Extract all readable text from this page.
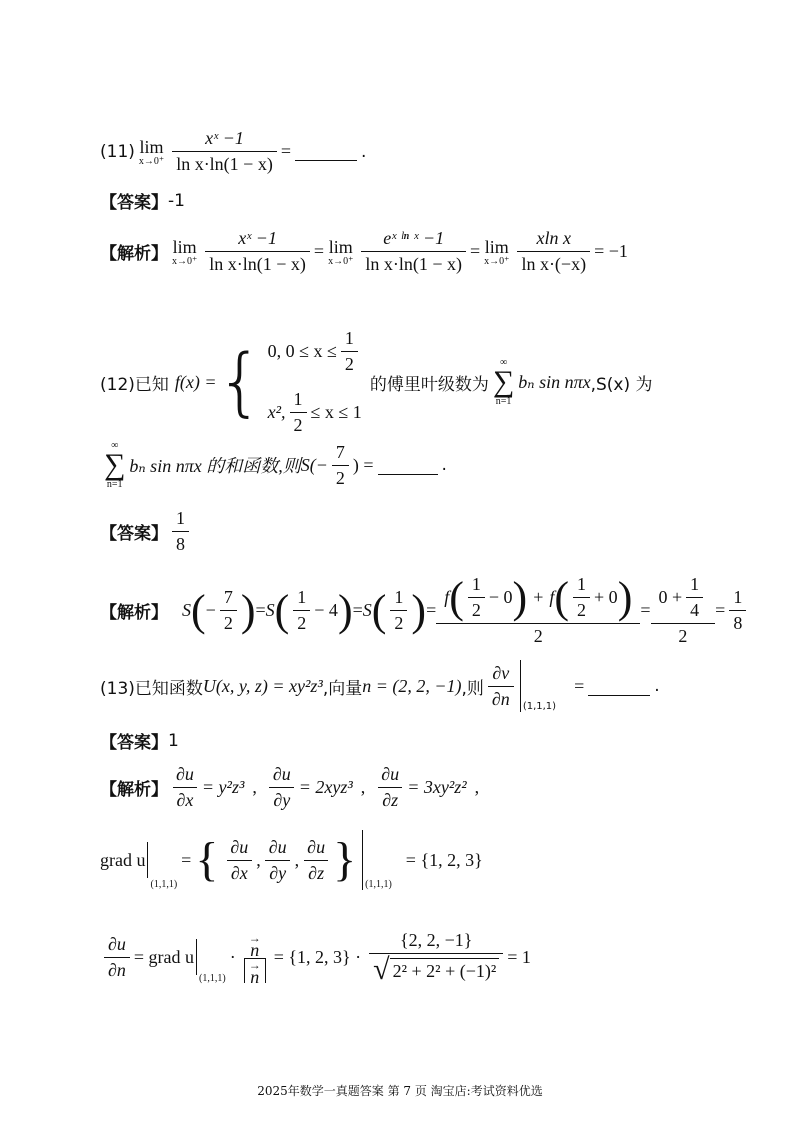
(11) lim
$x\to 0^+ \frac{\text{xˣ −1}}{\text{ln x·ln(1 − x)}}$ =	.
【答案】 -1
【解析】 lim
$x\to 0^+ \frac{\text{xˣ −1}}{\text{ln x·ln(1 − x)}} = \lim$
$x\to 0^+ \frac{\text{eˣ ˡⁿ ˣ −1}}{\text{ln x·ln(1 − x)}} = \lim$
$x\to 0^+ \frac{\text{xln x}}{\text{ln x·(−x)}} = -1$
(12)已知 f(x) = { 0, $0 \le x \le \frac{1}{2}$
x², $\frac{1}{2} \le x \le 1$
的傅里叶级数为
∞
∑
n=1
bₙ sin nπx ,S(x) 为
∞
∑
n=1
bₙ sin nπx 的和函数,则 $S(- \frac{7}{2}$ ) =	.
【答案】 $\frac{1}{8}$
【解析】 S ( − $\frac{7}{2}$ ) = S ( $\frac{1}{2} - 4$ ) = S ( $\frac{1}{2}$ ) = $\frac{f ( \frac{1}{2} - 0 ) + f ( \frac{1}{2} + 0 )}{2} = \frac{0 + \frac{1}{4}}{2} = \frac{1}{8}$
(13)已知函数 U(x, y, z) = xy²z³ ,向量 n = (2, 2, −1) ,则 $\frac{\partial v}{\partial n} (1,1,1)$
=	.
【答案】 1
【解析】 $\frac{\partial u}{\partial x} = y^2z^3$ , $\frac{\partial u}{\partial y} = 2xyz^3$ , $\frac{\partial u}{\partial z} = 3xy^2z^2$ ,
grad u
(1,1,1)
= { $\frac{\partial u}{\partial x}$ , $\frac{\partial u}{\partial y}$ , $\frac{\partial u}{\partial z}$ } (1,1,1)
= {1, 2, 3}
$\frac{\partial u}{\partial n}$ = grad u
(1,1,1)
· →
n
→
n = {1, 2, $3\} \cdot \frac{\{2, 2, -1\}}{\text{√ 2² + 2² + (−1)²}} = 1$
2025年数学一真题答案 第 7 页 淘宝店:考试资料优选
